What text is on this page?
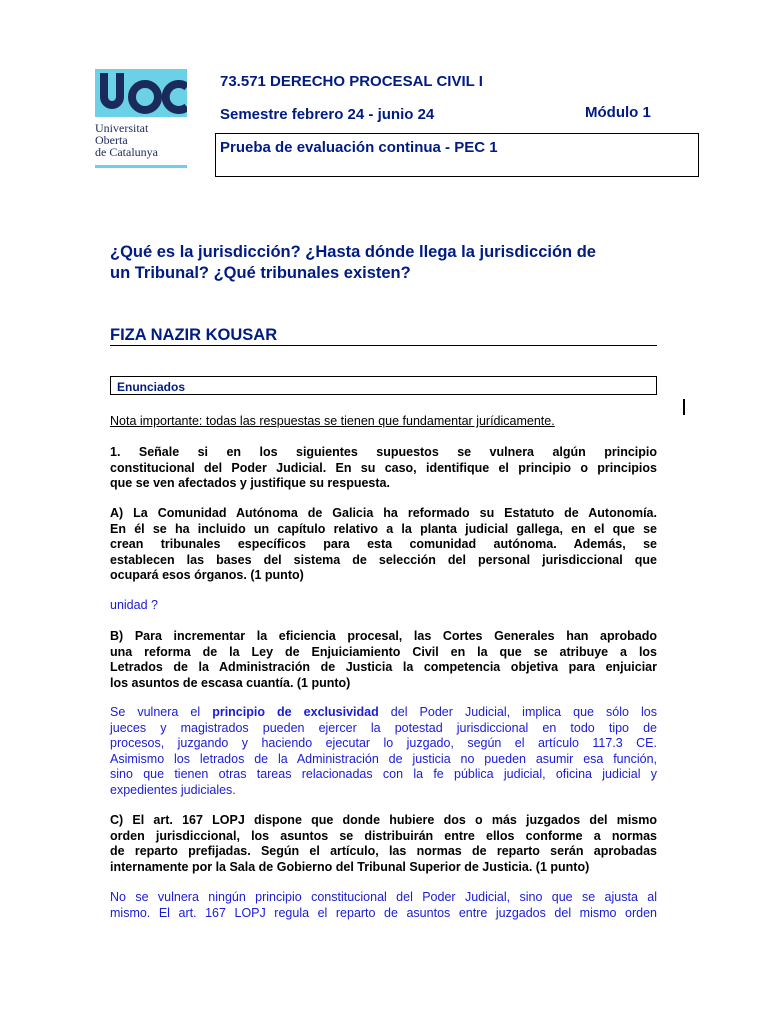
Universitat
Oberta
de Catalunya
73.571 DERECHO PROCESAL CIVIL I
Semestre febrero 24 - junio 24	Módulo 1
Prueba de evaluación continua - PEC 1
¿Qué es la jurisdicción? ¿Hasta dónde llega la jurisdicción de
un Tribunal? ¿Qué tribunales existen?
FIZA NAZIR KOUSAR
Enunciados
Nota importante: todas las respuestas se tienen que fundamentar jurídicamente.
1. Señale si en los siguientes supuestos se vulnera algún principio
constitucional del Poder Judicial. En su caso, identifique el principio o principios
que se ven afectados y justifique su respuesta.
A) La Comunidad Autónoma de Galicia ha reformado su Estatuto de Autonomía.
En él se ha incluido un capítulo relativo a la planta judicial gallega, en el que se
crean tribunales específicos para esta comunidad autónoma. Además, se
establecen las bases del sistema de selección del personal jurisdiccional que
ocupará esos órganos. (1 punto)
unidad ?
B) Para incrementar la eficiencia procesal, las Cortes Generales han aprobado
una reforma de la Ley de Enjuiciamiento Civil en la que se atribuye a los
Letrados de la Administración de Justicia la competencia objetiva para enjuiciar
los asuntos de escasa cuantía. (1 punto)
Se vulnera el principio de exclusividad del Poder Judicial, implica que sólo los
jueces y magistrados pueden ejercer la potestad jurisdiccional en todo tipo de
procesos, juzgando y haciendo ejecutar lo juzgado, según el artículo 117.3 CE.
Asimismo los letrados de la Administración de justicia no pueden asumir esa función,
sino que tienen otras tareas relacionadas con la fe pública judicial, oficina judicial y
expedientes judiciales.
C) El art. 167 LOPJ dispone que donde hubiere dos o más juzgados del mismo
orden jurisdiccional, los asuntos se distribuirán entre ellos conforme a normas
de reparto prefijadas. Según el artículo, las normas de reparto serán aprobadas
internamente por la Sala de Gobierno del Tribunal Superior de Justicia. (1 punto)
No se vulnera ningún principio constitucional del Poder Judicial, sino que se ajusta al
mismo. El art. 167 LOPJ regula el reparto de asuntos entre juzgados del mismo orden
